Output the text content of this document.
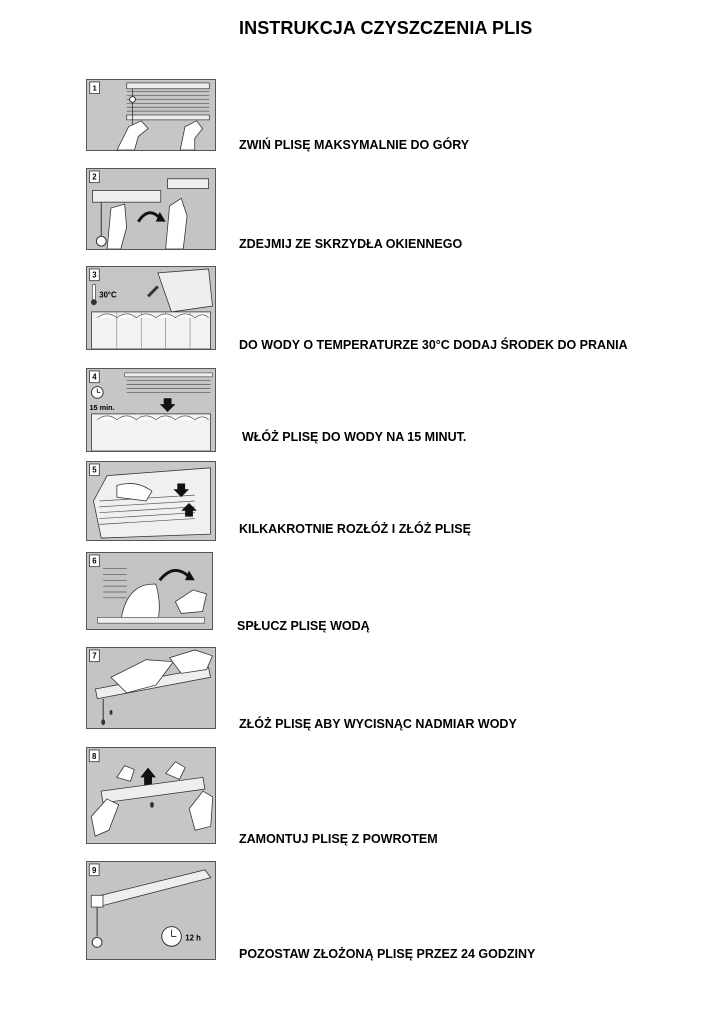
INSTRUKCJA CZYSZCZENIA PLIS
1
ZWIŃ PLISĘ MAKSYMALNIE DO GÓRY
2
ZDEJMIJ ZE SKRZYDŁA OKIENNEGO
3
30°C
DO WODY O TEMPERATURZE 30°C DODAJ ŚRODEK DO PRANIA
4
15 min.
WŁÓŻ PLISĘ DO WODY NA 15 MINUT.
5
KILKAKROTNIE ROZŁÓŻ I ZŁÓŻ PLISĘ
6
SPŁUCZ PLISĘ WODĄ
7
ZŁÓŻ PLISĘ ABY WYCISNĄC NADMIAR WODY
8
ZAMONTUJ PLISĘ Z POWROTEM
9
12 h
POZOSTAW ZŁOŻONĄ PLISĘ PRZEZ 24 GODZINY
